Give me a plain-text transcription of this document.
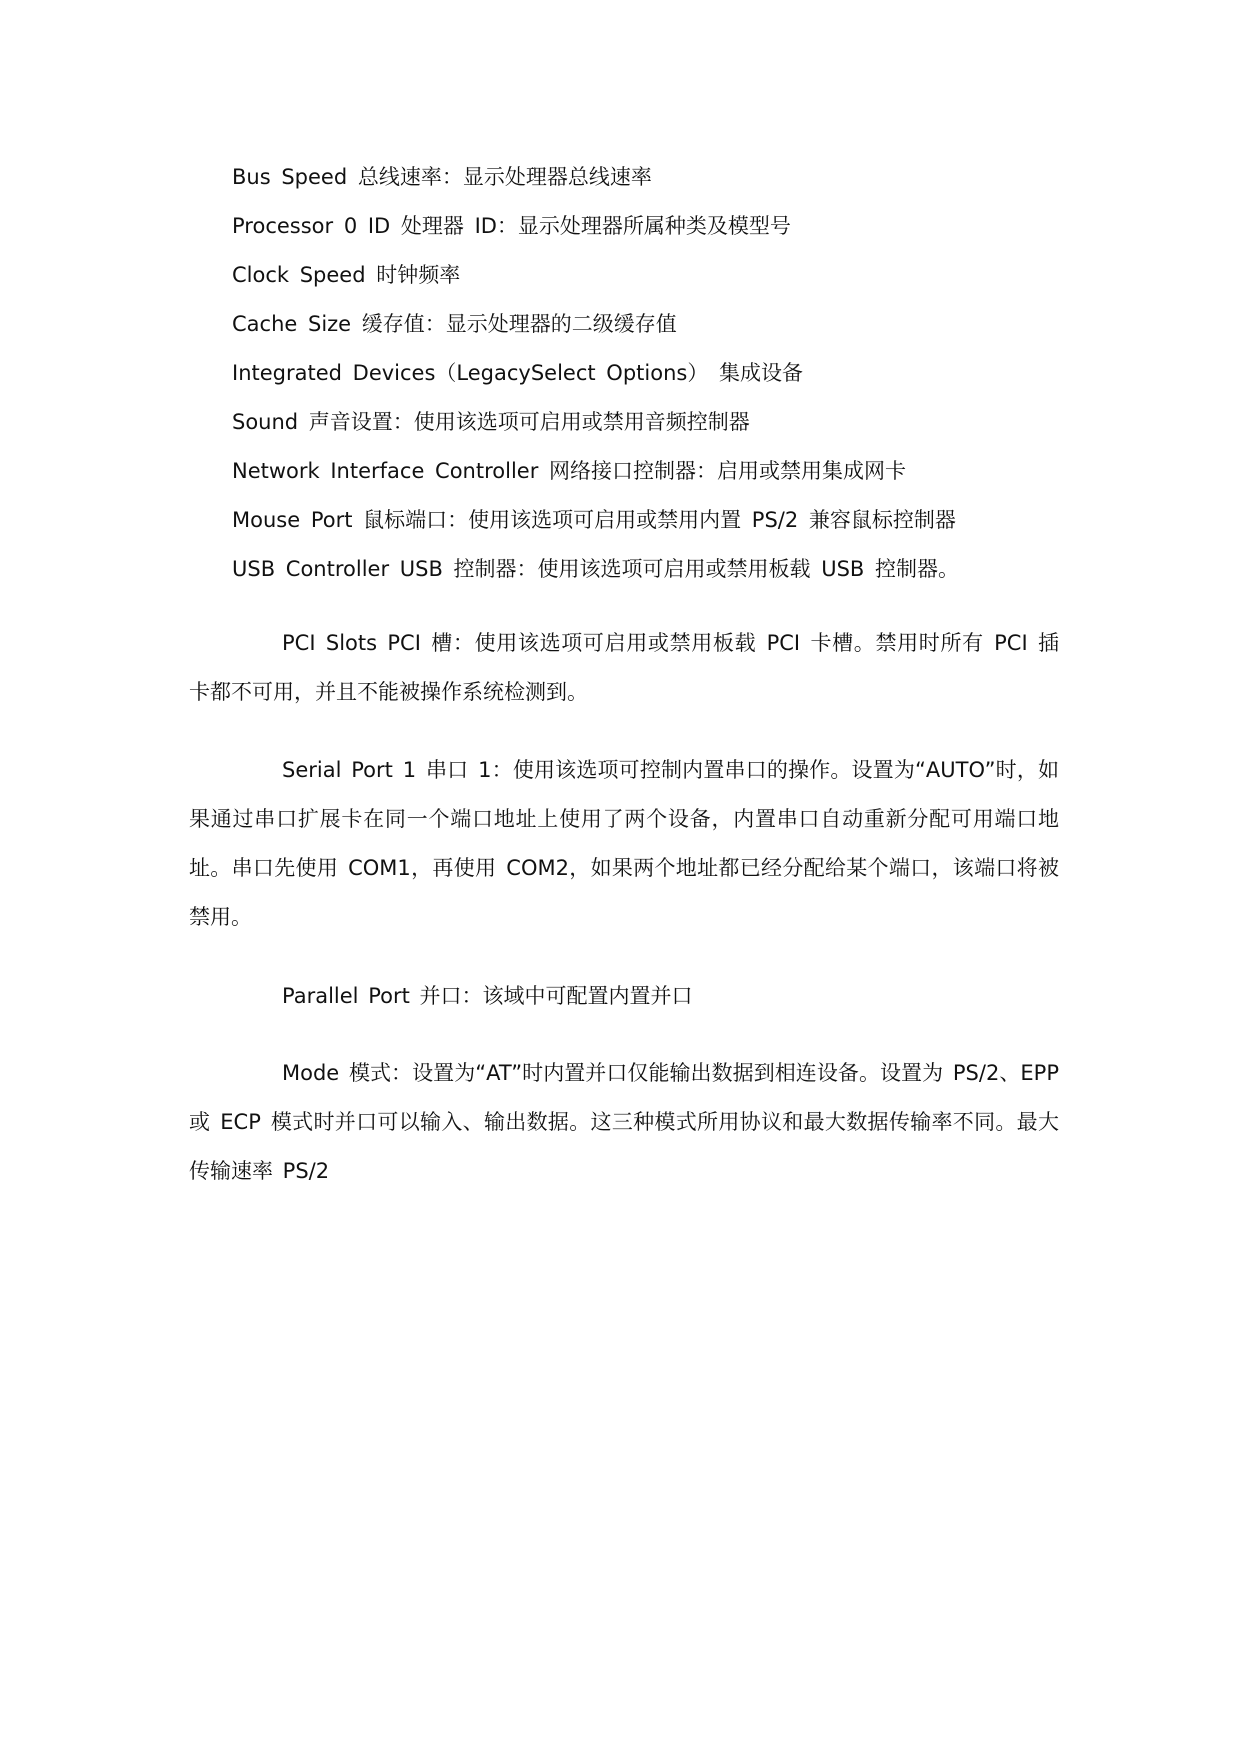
Bus Speed 总线速率：显示处理器总线速率
Processor 0 ID 处理器 ID：显示处理器所属种类及模型号
Clock Speed 时钟频率
Cache Size 缓存值：显示处理器的二级缓存值
Integrated Devices（LegacySelect Options） 集成设备
Sound 声音设置：使用该选项可启用或禁用音频控制器
Network Interface Controller 网络接口控制器：启用或禁用集成网卡
Mouse Port 鼠标端口：使用该选项可启用或禁用内置 PS/2 兼容鼠标控制器
USB Controller USB 控制器：使用该选项可启用或禁用板载 USB 控制器。

PCI Slots PCI 槽：使用该选项可启用或禁用板载 PCI 卡槽。禁用时所有 PCI 插卡都不可用，并且不能被操作系统检测到。

Serial Port 1 串口 1：使用该选项可控制内置串口的操作。设置为“AUTO”时，如果通过串口扩展卡在同一个端口地址上使用了两个设备，内置串口自动重新分配可用端口地址。串口先使用 COM1，再使用 COM2，如果两个地址都已经分配给某个端口，该端口将被禁用。

Parallel Port 并口：该域中可配置内置并口

Mode 模式：设置为“AT”时内置并口仅能输出数据到相连设备。设置为 PS/2、EPP 或 ECP 模式时并口可以输入、输出数据。这三种模式所用协议和最大数据传输率不同。最大传输速率 PS/2
